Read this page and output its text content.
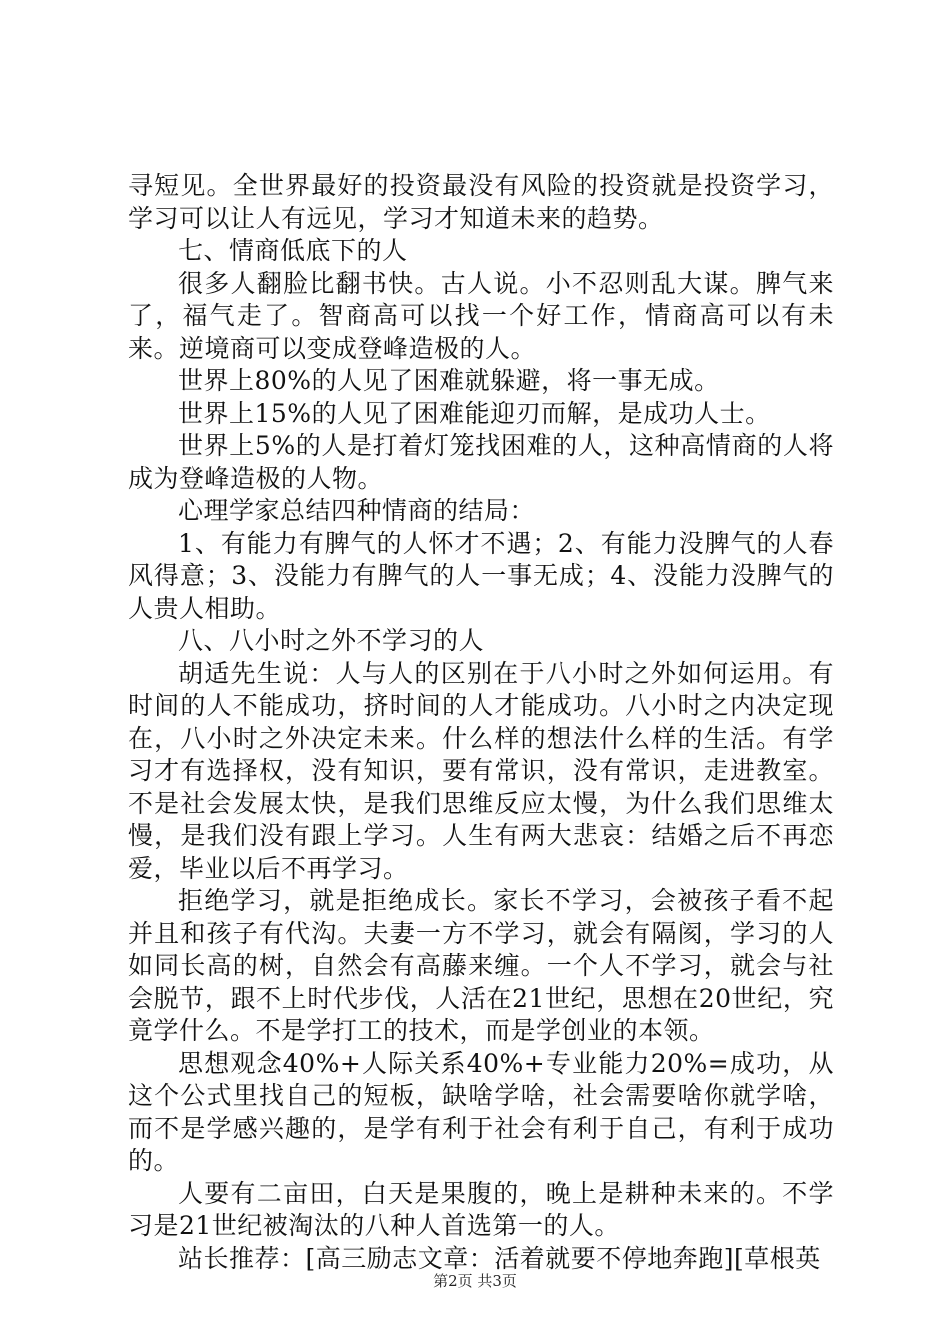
寻短见。全世界最好的投资最没有风险的投资就是投资学习，学习可以让人有远见，学习才知道未来的趋势。

七、情商低底下的人

很多人翻脸比翻书快。古人说。小不忍则乱大谋。脾气来了，福气走了。智商高可以找一个好工作，情商高可以有未来。逆境商可以变成登峰造极的人。

世界上80%的人见了困难就躲避，将一事无成。

世界上15%的人见了困难能迎刃而解，是成功人士。

世界上5%的人是打着灯笼找困难的人，这种高情商的人将成为登峰造极的人物。

心理学家总结四种情商的结局：

1、有能力有脾气的人怀才不遇；2、有能力没脾气的人春风得意；3、没能力有脾气的人一事无成；4、没能力没脾气的人贵人相助。

八、八小时之外不学习的人

胡适先生说：人与人的区别在于八小时之外如何运用。有时间的人不能成功，挤时间的人才能成功。八小时之内决定现在，八小时之外决定未来。什么样的想法什么样的生活。有学习才有选择权，没有知识，要有常识，没有常识，走进教室。不是社会发展太快，是我们思维反应太慢，为什么我们思维太慢，是我们没有跟上学习。人生有两大悲哀：结婚之后不再恋爱，毕业以后不再学习。

拒绝学习，就是拒绝成长。家长不学习，会被孩子看不起并且和孩子有代沟。夫妻一方不学习，就会有隔阂，学习的人如同长高的树，自然会有高藤来缠。一个人不学习，就会与社会脱节，跟不上时代步伐，人活在21世纪，思想在20世纪，究竟学什么。不是学打工的技术，而是学创业的本领。

思想观念40%+人际关系40%+专业能力20%=成功，从这个公式里找自己的短板，缺啥学啥，社会需要啥你就学啥，而不是学感兴趣的，是学有利于社会有利于自己，有利于成功的。

人要有二亩田，白天是果腹的，晚上是耕种未来的。不学习是21世纪被淘汰的八种人首选第一的人。

站长推荐：[高三励志文章：活着就要不停地奔跑][草根英

第2页 共3页
